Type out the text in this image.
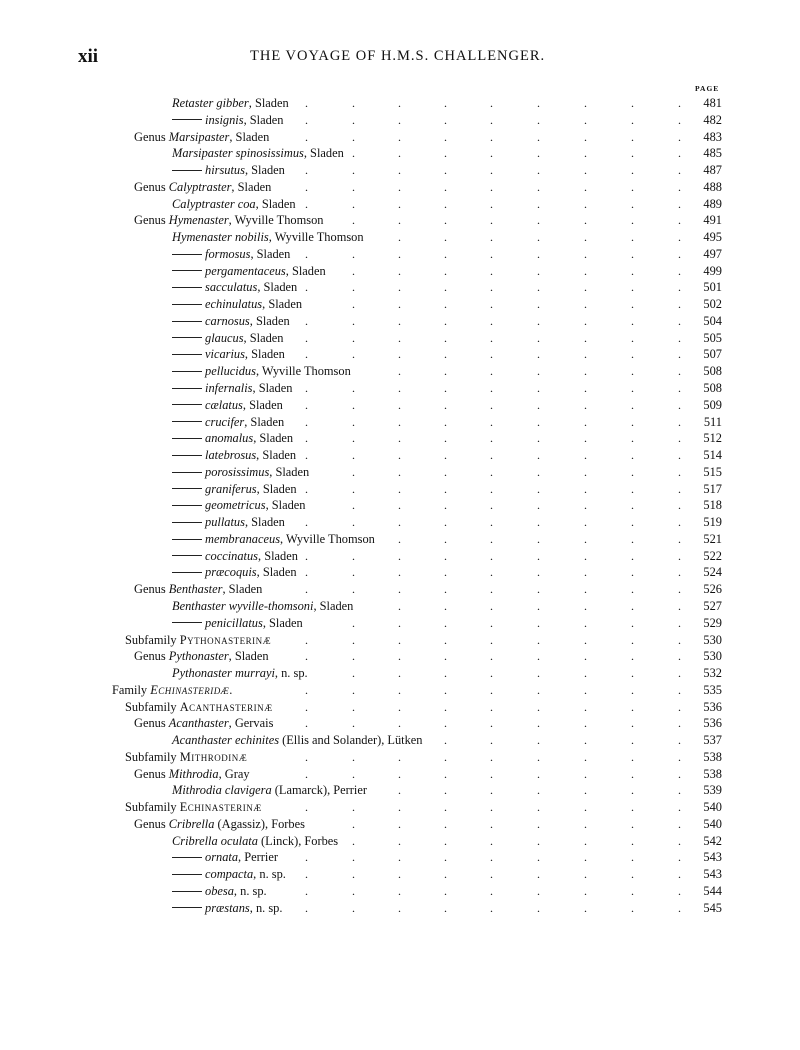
xii	THE VOYAGE OF H.M.S. CHALLENGER.
PAGE
Retaster gibber, Sladen .	.	.	.	.	.	.	.	.	481
insignis, Sladen .	.	.	.	.	.	.	.	.	482
Genus Marsipaster, Sladen	.	.	.	.	.	.	.	.	.	483
Marsipaster spinosissimus, Sladen .	.	.	.	.	.	.	.	485
hirsutus, Sladen .	.	.	.	.	.	.	.	.	487
Genus Calyptraster, Sladen	.	.	.	.	.	.	.	.	.	488
Calyptraster coa, Sladen .	.	.	.	.	.	.	.	.	489
Genus Hymenaster, Wyville Thomson .	.	.	.	.	.	.	.	491
Hymenaster nobilis, Wyville Thomson	.	.	.	.	.	.	.	495
formosus, Sladen .	.	.	.	.	.	.	.	.	497
pergamentaceus, Sladen .	.	.	.	.	.	.	.	499
sacculatus, Sladen .	.	.	.	.	.	.	.	.	501
echinulatus, Sladen	.	.	.	.	.	.	.	.	502
carnosus, Sladen .	.	.	.	.	.	.	.	.	504
glaucus, Sladen .	.	.	.	.	.	.	.	.	505
vicarius, Sladen .	.	.	.	.	.	.	.	.	507
pellucidus, Wyville Thomson	.	.	.	.	.	.	.	508
infernalis, Sladen .	.	.	.	.	.	.	.	.	508
cælatus, Sladen .	.	.	.	.	.	.	.	.	509
crucifer, Sladen .	.	.	.	.	.	.	.	.	511
anomalus, Sladen .	.	.	.	.	.	.	.	.	512
latebrosus, Sladen .	.	.	.	.	.	.	.	.	514
porosissimus, Sladen	.	.	.	.	.	.	.	.	515
graniferus, Sladen .	.	.	.	.	.	.	.	.	517
geometricus, Sladen	.	.	.	.	.	.	.	.	518
pullatus, Sladen .	.	.	.	.	.	.	.	.	519
membranaceus, Wyville Thomson .	.	.	.	.	.	.	521
coccinatus, Sladen .	.	.	.	.	.	.	.	.	522
præcoquis, Sladen .	.	.	.	.	.	.	.	.	524
Genus Benthaster, Sladen	.	.	.	.	.	.	.	.	.	526
Benthaster wyville-thomsoni, Sladen	.	.	.	.	.	.	.	527
penicillatus, Sladen	.	.	.	.	.	.	.	.	529
Subfamily Pythonasterinæ	.	.	.	.	.	.	.	.	.	530
Genus Pythonaster, Sladen	.	.	.	.	.	.	.	.	.	530
Pythonaster murrayi, n. sp.	.	.	.	.	.	.	.	.	532
Family Echinasteridæ.	.	.	.	.	.	.	.	.	.	535
Subfamily Acanthasterinæ	.	.	.	.	.	.	.	.	.	536
Genus Acanthaster, Gervais	.	.	.	.	.	.	.	.	.	536
Acanthaster echinites (Ellis and Solander), Lütken .	.	.	.	.	.	537
Subfamily Mithrodinæ	.	.	.	.	.	.	.	.	.	538
Genus Mithrodia, Gray	.	.	.	.	.	.	.	.	.	538
Mithrodia clavigera (Lamarck), Perrier	.	.	.	.	.	.	.	539
Subfamily Echinasterinæ	.	.	.	.	.	.	.	.	.	540
Genus Cribrella (Agassiz), Forbes	.	.	.	.	.	.	.	.	540
Cribrella oculata (Linck), Forbes .	.	.	.	.	.	.	.	542
ornata, Perrier .	.	.	.	.	.	.	.	.	543
compacta, n. sp. .	.	.	.	.	.	.	.	.	543
obesa, n. sp.	.	.	.	.	.	.	.	.	.	544
præstans, n. sp. .	.	.	.	.	.	.	.	.	545
